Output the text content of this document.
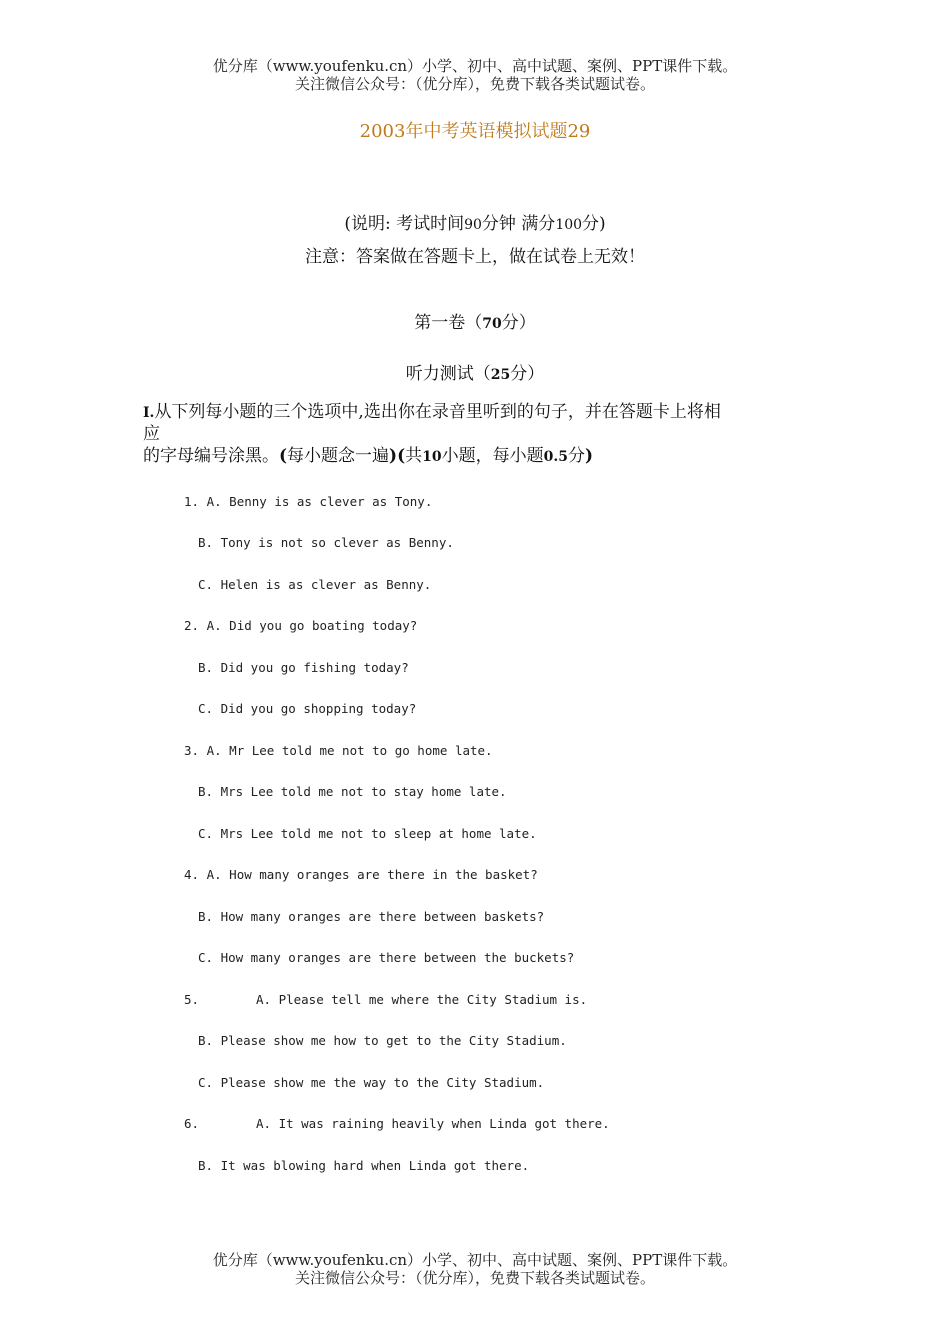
优分库（www.youfenku.cn）小学、初中、高中试题、案例、PPT课件下载。
关注微信公众号：（优分库），免费下载各类试题试卷。
2003年中考英语模拟试题29
(说明: 考试时间90分钟 满分100分)
注意：答案做在答题卡上，做在试卷上无效！
第一卷（70分）
听力测试（25分）
I.从下列每小题的三个选项中,选出你在录音里听到的句子，并在答题卡上将相
应
的字母编号涂黑。(每小题念一遍)(共10小题，每小题0.5分)
1. A. Benny is as clever as Tony.
B. Tony is not so clever as Benny.
C. Helen is as clever as Benny.
2. A. Did you go boating today?
B. Did you go fishing today?
C. Did you go shopping today?
3. A. Mr Lee told me not to go home late.
B. Mrs Lee told me not to stay home late.
C. Mrs Lee told me not to sleep at home late.
4. A. How many oranges are there in the basket?
B. How many oranges are there between baskets?
C. How many oranges are there between the buckets?
5.	A. Please tell me where the City Stadium is.
B. Please show me how to get to the City Stadium.
C. Please show me the way to the City Stadium.
6.	A. It was raining heavily when Linda got there.
B. It was blowing hard when Linda got there.
优分库（www.youfenku.cn）小学、初中、高中试题、案例、PPT课件下载。
关注微信公众号：（优分库），免费下载各类试题试卷。
